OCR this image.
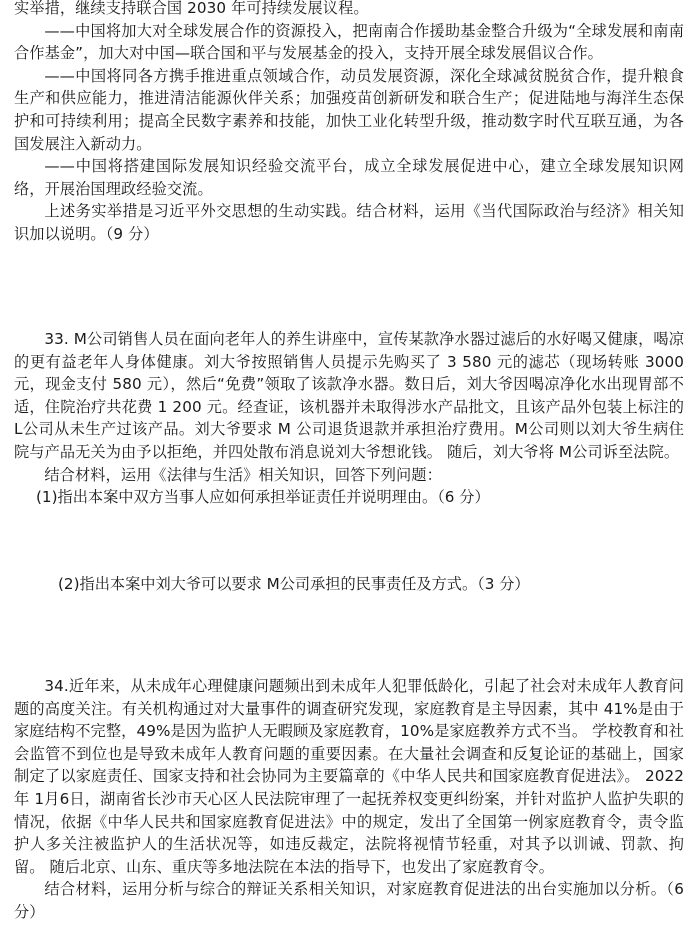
实举措，继续支持联合国 2030 年可持续发展议程。

——中国将加大对全球发展合作的资源投入，把南南合作援助基金整合升级为“全球发展和南南合作基金”，加大对中国—联合国和平与发展基金的投入，支持开展全球发展倡议合作。

——中国将同各方携手推进重点领域合作，动员发展资源，深化全球减贫脱贫合作，提升粮食生产和供应能力，推进清洁能源伙伴关系；加强疫苗创新研发和联合生产；促进陆地与海洋生态保护和可持续利用；提高全民数字素养和技能，加快工业化转型升级，推动数字时代互联互通，为各国发展注入新动力。

——中国将搭建国际发展知识经验交流平台，成立全球发展促进中心，建立全球发展知识网络，开展治国理政经验交流。

上述务实举措是习近平外交思想的生动实践。结合材料，运用《当代国际政治与经济》相关知识加以说明。（9 分）

33. M公司销售人员在面向老年人的养生讲座中，宣传某款净水器过滤后的水好喝又健康，喝凉的更有益老年人身体健康。刘大爷按照销售人员提示先购买了 3 580 元的滤芯（现场转账 3000 元，现金支付 580 元），然后“免费”领取了该款净水器。数日后，刘大爷因喝凉净化水出现胃部不适，住院治疗共花费 1 200 元。经查证，该机器并未取得涉水产品批文，且该产品外包装上标注的 L公司从未生产过该产品。刘大爷要求 M 公司退货退款并承担治疗费用。M公司则以刘大爷生病住院与产品无关为由予以拒绝，并四处散布消息说刘大爷想讹钱。 随后，刘大爷将 M公司诉至法院。

结合材料，运用《法律与生活》相关知识，回答下列问题：

(1)指出本案中双方当事人应如何承担举证责任并说明理由。（6 分）

(2)指出本案中刘大爷可以要求 M公司承担的民事责任及方式。（3 分）

34.近年来，从未成年心理健康问题频出到未成年人犯罪低龄化，引起了社会对未成年人教育问题的高度关注。有关机构通过对大量事件的调查研究发现，家庭教育是主导因素，其中 41%是由于家庭结构不完整，49%是因为监护人无暇顾及家庭教育，10%是家庭教养方式不当。 学校教育和社会监管不到位也是导致未成年人教育问题的重要因素。在大量社会调查和反复论证的基础上，国家制定了以家庭责任、国家支持和社会协同为主要篇章的《中华人民共和国家庭教育促进法》。 2022 年 1月6日，湖南省长沙市天心区人民法院审理了一起抚养权变更纠纷案，并针对监护人监护失职的情况，依据《中华人民共和国家庭教育促进法》中的规定，发出了全国第一例家庭教育令，责令监护人多关注被监护人的生活状况等，如违反裁定，法院将视情节轻重，对其予以训诫、罚款、拘留。 随后北京、山东、重庆等多地法院在本法的指导下，也发出了家庭教育令。

结合材料，运用分析与综合的辩证关系相关知识，对家庭教育促进法的出台实施加以分析。（6 分）
